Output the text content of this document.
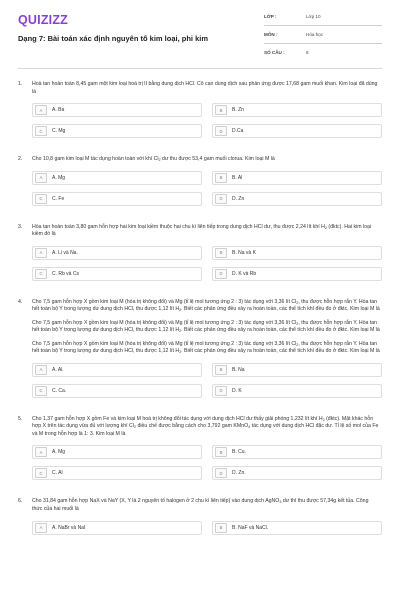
QUIZIZZ
Dạng 7: Bài toán xác định nguyên tố kim loại, phi kim
LỚP :	Lớp 10
MÔN :	Hóa học
SỐ CÂU :	6
1. Hoà tan hoàn toàn 8,45 gam một kim loại hoá trị II bằng dung dịch HCl. Cô cạn dung dịch sau phản ứng được 17,68 gam muối khan. Kim loại đã dùng là

A	A. Ba	B	B. Zn
C	C. Mg	D	D.Ca
2. Cho 10,8 gam kim loại M tác dụng hoàn toàn với khí $Cl_2$ dư thu được 53,4 gam muối clorua. Kim loại M là

A	A. Mg	B	B. Al
C	C. Fe	D	D. Zn
3. Hòa tan hoàn toàn 3,80 gam hỗn hợp hai kim loại kiềm thuộc hai chu kì liên tiếp trong dung dịch HCl dư, thu được 2,24 lít khí $H_2$ (đktc). Hai kim loại kiềm đó là

A	A. Li và Na.	B	B. Na và K
C	C. Rb và Cs	D	D. K và Rb
4. Cho 7,5 gam hỗn hợp X gồm kim loại M (hóa trị không đổi) và Mg (tỉ lệ mol tương ứng 2 : 3) tác dụng với 3,36 lít $Cl_2$, thu được hỗn hợp rắn Y. Hòa tan hết toàn bộ Y trong lượng dư dung dịch HCl, thu được 1,12 lít $H_2$. Biết các phản ứng đều xảy ra hoàn toàn, các thể tích khí đều đo ở đktc. Kim loại M là

Cho 7,5 gam hỗn hợp X gồm kim loại M (hóa trị không đổi) và Mg (tỉ lệ mol tương ứng 2 : 3) tác dụng với 3,36 lít $Cl_2$, thu được hỗn hợp rắn Y. Hòa tan hết toàn bộ Y trong lượng dư dung dịch HCl, thu được 1,12 lít $H_2$. Biết các phản ứng đều xảy ra hoàn toàn, các thể tích khí đều đo ở đktc. Kim loại M là

Cho 7,5 gam hỗn hợp X gồm kim loại M (hóa trị không đổi) và Mg (tỉ lệ mol tương ứng 2 : 3) tác dụng với 3,36 lít $Cl_2$, thu được hỗn hợp rắn Y. Hòa tan hết toàn bộ Y trong lượng dư dung dịch HCl, thu được 1,12 lít $H_2$. Biết các phản ứng đều xảy ra hoàn toàn, các thể tích khí đều đo ở đktc. Kim loại M là

A	A. Al.	B	B. Na
C	C. Ca.	D	D. K
5. Cho 1,37 gam hỗn hợp X gồm Fe và kim loại M hoá trị không đổi tác dụng với dung dịch HCl dư thấy giải phóng 1,232 lít khí $H_2$ (đktc). Mặt khác hỗn hợp X trên tác dụng vừa đủ với lượng khí $Cl_2$ điều chế được bằng cách cho 3,792 gam KMnO$_4$ tác dụng với dung dịch HCl đặc dư. Tỉ lệ số mol của Fe và M trong hỗn hợp là 1: 3. Kim loại M là

A	A. Mg	B	B. Cu.
C	C. Al	D	D. Zn.
6. Cho 31,84 gam hỗn hợp NaX và NaY (X, Y là 2 nguyên tố halogen ở 2 chu kì liên tiếp) vào dung dịch AgNO$_3$ dư thì thu được 57,34g kết tủa. Công thức của hai muối là

A	A. NaBr và NaI	B	B. NaF và NaCl.
